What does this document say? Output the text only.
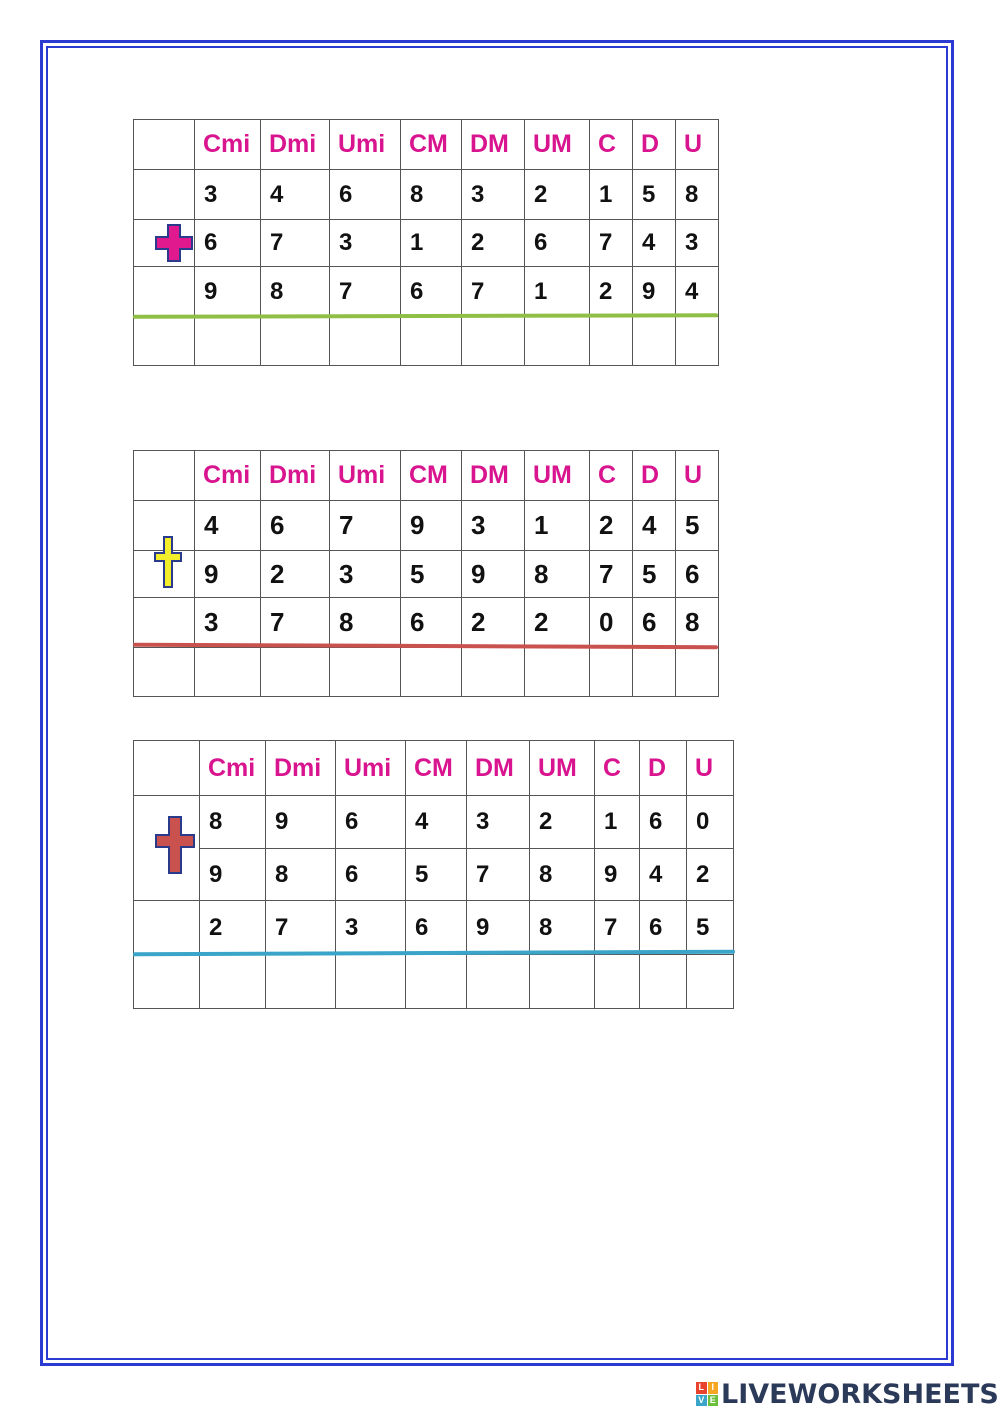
	Cmi	Dmi	Umi	CM	DM	UM	C	D	U
	3	4	6	8	3	2	1	5	8
	6	7	3	1	2	6	7	4	3
	9	8	7	6	7	1	2	9	4

	Cmi	Dmi	Umi	CM	DM	UM	C	D	U
	4	6	7	9	3	1	2	4	5
	9	2	3	5	9	8	7	5	6
	3	7	8	6	2	2	0	6	8

	Cmi	Dmi	Umi	CM	DM	UM	C	D	U
	8	9	6	4	3	2	1	6	0
	9	8	6	5	7	8	9	4	2
	2	7	3	6	9	8	7	6	5

L I
V E LIVEWORKSHEETS
